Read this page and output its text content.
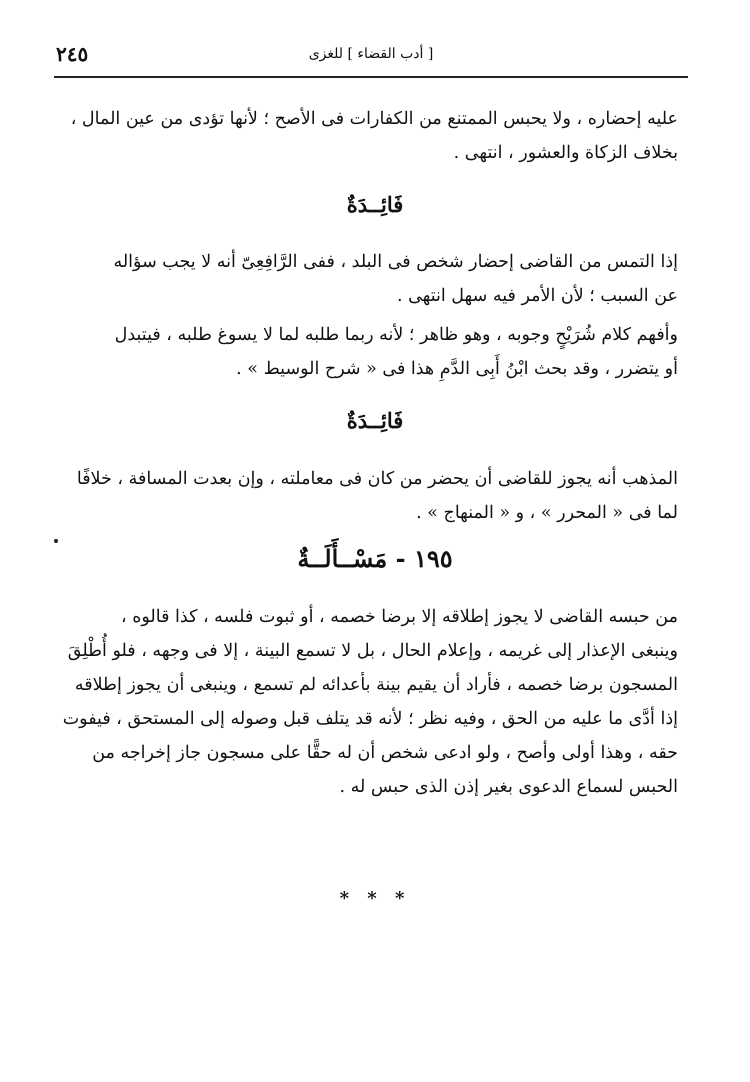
٢٤٥	[ أدب القضاء ] للغزى

عليه إحضاره ، ولا يحبس الممتنع من الكفارات فى الأصح ؛ لأنها تؤدى من عين المال ،

بخلاف الزكاة والعشور ، انتهى .

فَائِــدَةٌ

إذا التمس من القاضى إحضار شخص فى البلد ، ففى الرَّافِعِىّ أنه لا يجب سؤاله

عن السبب ؛ لأن الأمر فيه سهل انتهى .

وأفهم كلام شُرَيْحٍ وجوبه ، وهو ظاهر ؛ لأنه ربما طلبه لما لا يسوغ طلبه ، فيتبدل

أو يتضرر ، وقد بحث ابْنُ أَبِى الدَّمِ هذا فى « شرح الوسيط » .

فَائِــدَةٌ

المذهب أنه يجوز للقاضى أن يحضر من كان فى معاملته ، وإن بعدت المسافة ، خلافًا

لما فى « المحرر » ، و « المنهاج » .

١٩٥ - مَسْــأَلَــةٌ

من حبسه القاضى لا يجوز إطلاقه إلا برضا خصمه ، أو ثبوت فلسه ، كذا قالوه ،

وينبغى الإعذار إلى غريمه ، وإعلام الحال ، بل لا تسمع البينة ، إلا فى وجهه ، فلو أُطْلِقَ

المسجون برضا خصمه ، فأراد أن يقيم بينة بأعدائه لم تسمع ، وينبغى أن يجوز إطلاقه

إذا أدَّى ما عليه من الحق ، وفيه نظر ؛ لأنه قد يتلف قبل وصوله إلى المستحق ، فيفوت

حقه ، وهذا أولى وأصح ، ولو ادعى شخص أن له حقًّا على مسجون جاز إخراجه من

الحبس لسماع الدعوى بغير إذن الذى حبس له .

* * *
